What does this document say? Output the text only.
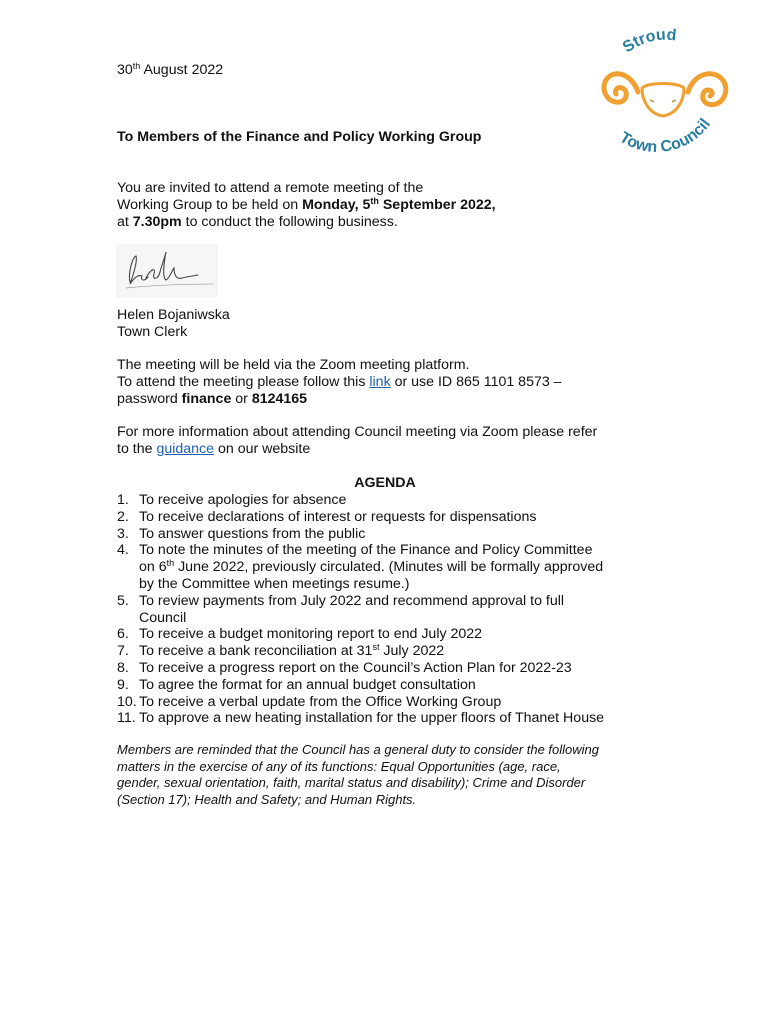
30th August 2022
To Members of the Finance and Policy Working Group
You are invited to attend a remote meeting of the
Working Group to be held on Monday, 5th September 2022,
at 7.30pm to conduct the following business.
Helen Bojaniwska
Town Clerk
The meeting will be held via the Zoom meeting platform.
To attend the meeting please follow this link or use ID 865 1101 8573 –
password finance or 8124165
For more information about attending Council meeting via Zoom please refer
to the guidance on our website
AGENDA
1. To receive apologies for absence
2. To receive declarations of interest or requests for dispensations
3. To answer questions from the public
4. To note the minutes of the meeting of the Finance and Policy Committee
on 6th June 2022, previously circulated. (Minutes will be formally approved
by the Committee when meetings resume.)
5. To review payments from July 2022 and recommend approval to full
Council
6. To receive a budget monitoring report to end July 2022
7. To receive a bank reconciliation at 31st July 2022
8. To receive a progress report on the Council’s Action Plan for 2022-23
9. To agree the format for an annual budget consultation
10. To receive a verbal update from the Office Working Group
11. To approve a new heating installation for the upper floors of Thanet House
Members are reminded that the Council has a general duty to consider the following
matters in the exercise of any of its functions: Equal Opportunities (age, race,
gender, sexual orientation, faith, marital status and disability); Crime and Disorder
(Section 17); Health and Safety; and Human Rights.
Stroud
Town Council
